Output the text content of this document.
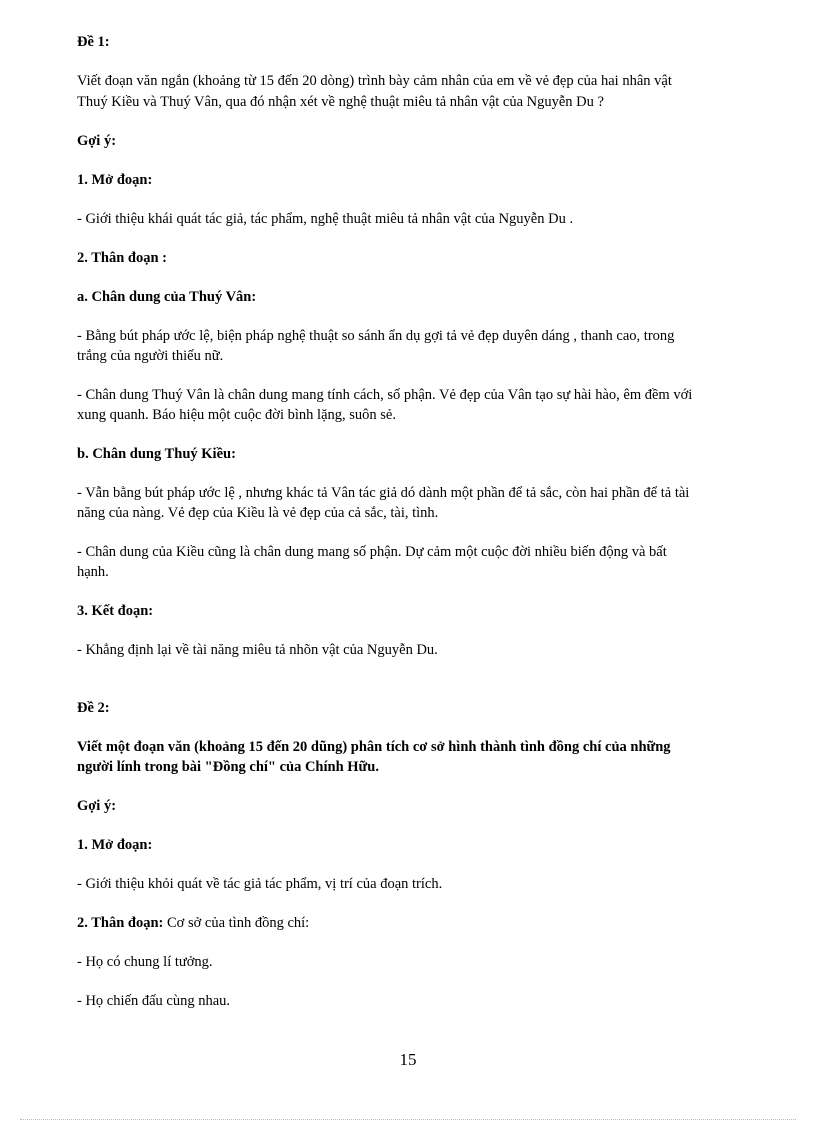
Đề 1:
Viết đoạn văn ngắn (khoảng từ 15 đến 20 dòng) trình bày cảm nhân của em về vẻ đẹp của hai nhân vật
Thuý Kiều và Thuý Vân, qua đó nhận xét về nghệ thuật miêu tả nhân vật của Nguyễn Du ?
Gợi ý:
1. Mở đoạn:
- Giới thiệu khái quát tác giả, tác phẩm, nghệ thuật miêu tả nhân vật của Nguyễn Du .
2. Thân đoạn :
a. Chân dung của Thuý Vân:
- Bằng bút pháp ước lệ, biện pháp nghệ thuật so sánh ẩn dụ gợi tả vẻ đẹp duyên dáng , thanh cao, trong
trắng của người thiếu nữ.
- Chân dung Thuý Vân là chân dung mang tính cách, số phận. Vẻ đẹp của Vân tạo sự hài hào, êm đềm với
xung quanh. Báo hiệu một cuộc đời bình lặng, suôn sẻ.
b. Chân dung Thuý Kiều:
- Vẫn bằng bút pháp ước lệ , nhưng khác tả Vân tác giả dó dành một phần để tả sắc, còn hai phần để tả tài
năng của nàng. Vẻ đẹp của Kiều là vẻ đẹp của cả sắc, tài, tình.
- Chân dung của Kiều cũng là chân dung mang số phận. Dự cảm một cuộc đời nhiều biến động và bất
hạnh.
3. Kết đoạn:
- Khẳng định lại về tài năng miêu tả nhõn vật của Nguyễn Du.
Đề 2:
Viết một đoạn văn (khoảng 15 đến 20 dũng) phân tích cơ sở hình thành tình đồng chí của những
người lính trong bài "Đồng chí" của Chính Hữu.
Gợi ý:
1. Mở đoạn:
- Giới thiệu khỏi quát về tác giả tác phẩm, vị trí của đoạn trích.
2. Thân đoạn: Cơ sở của tình đồng chí:
- Họ có chung lí tưởng.
- Họ chiến đấu cùng nhau.
15
